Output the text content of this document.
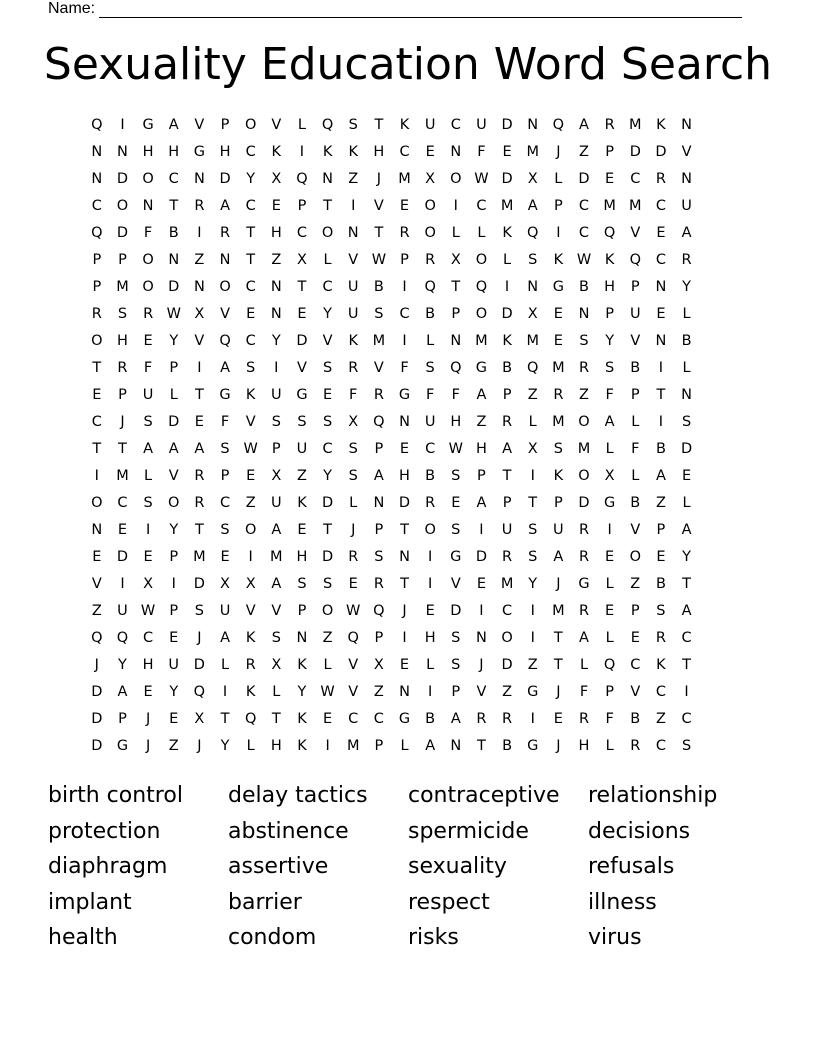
Name:
Sexuality Education Word Search
Q	I	G	A	V	P	O	V	L	Q	S	T	K	U	C	U	D	N	Q	A	R M	K	N
N	N	H	H	G	H	C	K	I	K	K	H	C	E	N	F	E	M	J	Z	P	D D	V
N	D O	C	N	D	Y	X	Q	N	Z	J	M X	O W D	X	L	D	E	C	R	N
C	O	N	T	R	A	C	E	P	T	I	V	E	O	I	C M A	P	C M M C	U
Q D	F	B	I	R	T	H	C	O	N	T	R	O	L	L	K	Q	I	C	Q	V	E	A
P	P	O	N	Z	N	T	Z	X	L	V W P	R	X	O	L	S	K W K	Q	C	R
P	M O D	N	O	C	N	T	C	U	B	I	Q	T	Q	I	N	G	B	H	P	N	Y
R	S	R W X	V	E	N	E	Y	U	S	C	B	P	O D	X	E	N	P	U	E	L
O H	E	Y	V	Q	C	Y	D	V	K	M	I	L	N M	K	M	E	S	Y	V	N	B
T	R	F	P	I	A	S	I	V	S	R	V	F	S	Q G	B	Q M R	S	B	I	L
E	P	U	L	T	G	K	U	G	E	F	R	G	F	F	A	P	Z	R	Z	F	P	T	N
C	J	S	D	E	F	V	S	S	S	X	Q	N	U	H	Z	R	L	M O	A	L	I	S
T	T	A	A	A	S W P	U	C	S	P	E	C W H	A	X	S	M	L	F	B	D
I	M	L	V	R	P	E	X	Z	Y	S	A	H	B	S	P	T	I	K	O	X	L	A	E
O	C	S	O	R	C	Z	U	K	D	L	N	D	R	E	A	P	T	P	D G	B	Z	L
N	E	I	Y	T	S	O	A	E	T	J	P	T	O	S	I	U	S	U	R	I	V	P	A
E	D	E	P	M	E	I	M H	D	R	S	N	I	G D	R	S	A	R	E	O	E	Y
V	I	X	I	D	X	X	A	S	S	E	R	T	I	V	E	M	Y	J	G	L	Z	B	T
Z	U W P	S	U	V	V	P	O W Q	J	E	D	I	C	I	M R	E	P	S	A
Q Q	C	E	J	A	K	S	N	Z	Q	P	I	H	S	N	O	I	T	A	L	E	R	C
J	Y	H	U	D	L	R	X	K	L	V	X	E	L	S	J	D	Z	T	L	Q	C	K	T
D	A	E	Y	Q	I	K	L	Y W V	Z	N	I	P	V	Z	G	J	F	P	V	C	I
D	P	J	E	X	T	Q	T	K	E	C	C	G	B	A	R	R	I	E	R	F	B	Z	C
D G	J	Z	J	Y	L	H	K	I	M	P	L	A	N	T	B	G	J	H	L	R	C	S
birth control	delay tactics	contraceptive	relationship
protection	abstinence	spermicide	decisions
diaphragm	assertive	sexuality	refusals
implant	barrier	respect	illness
health	condom	risks	virus
